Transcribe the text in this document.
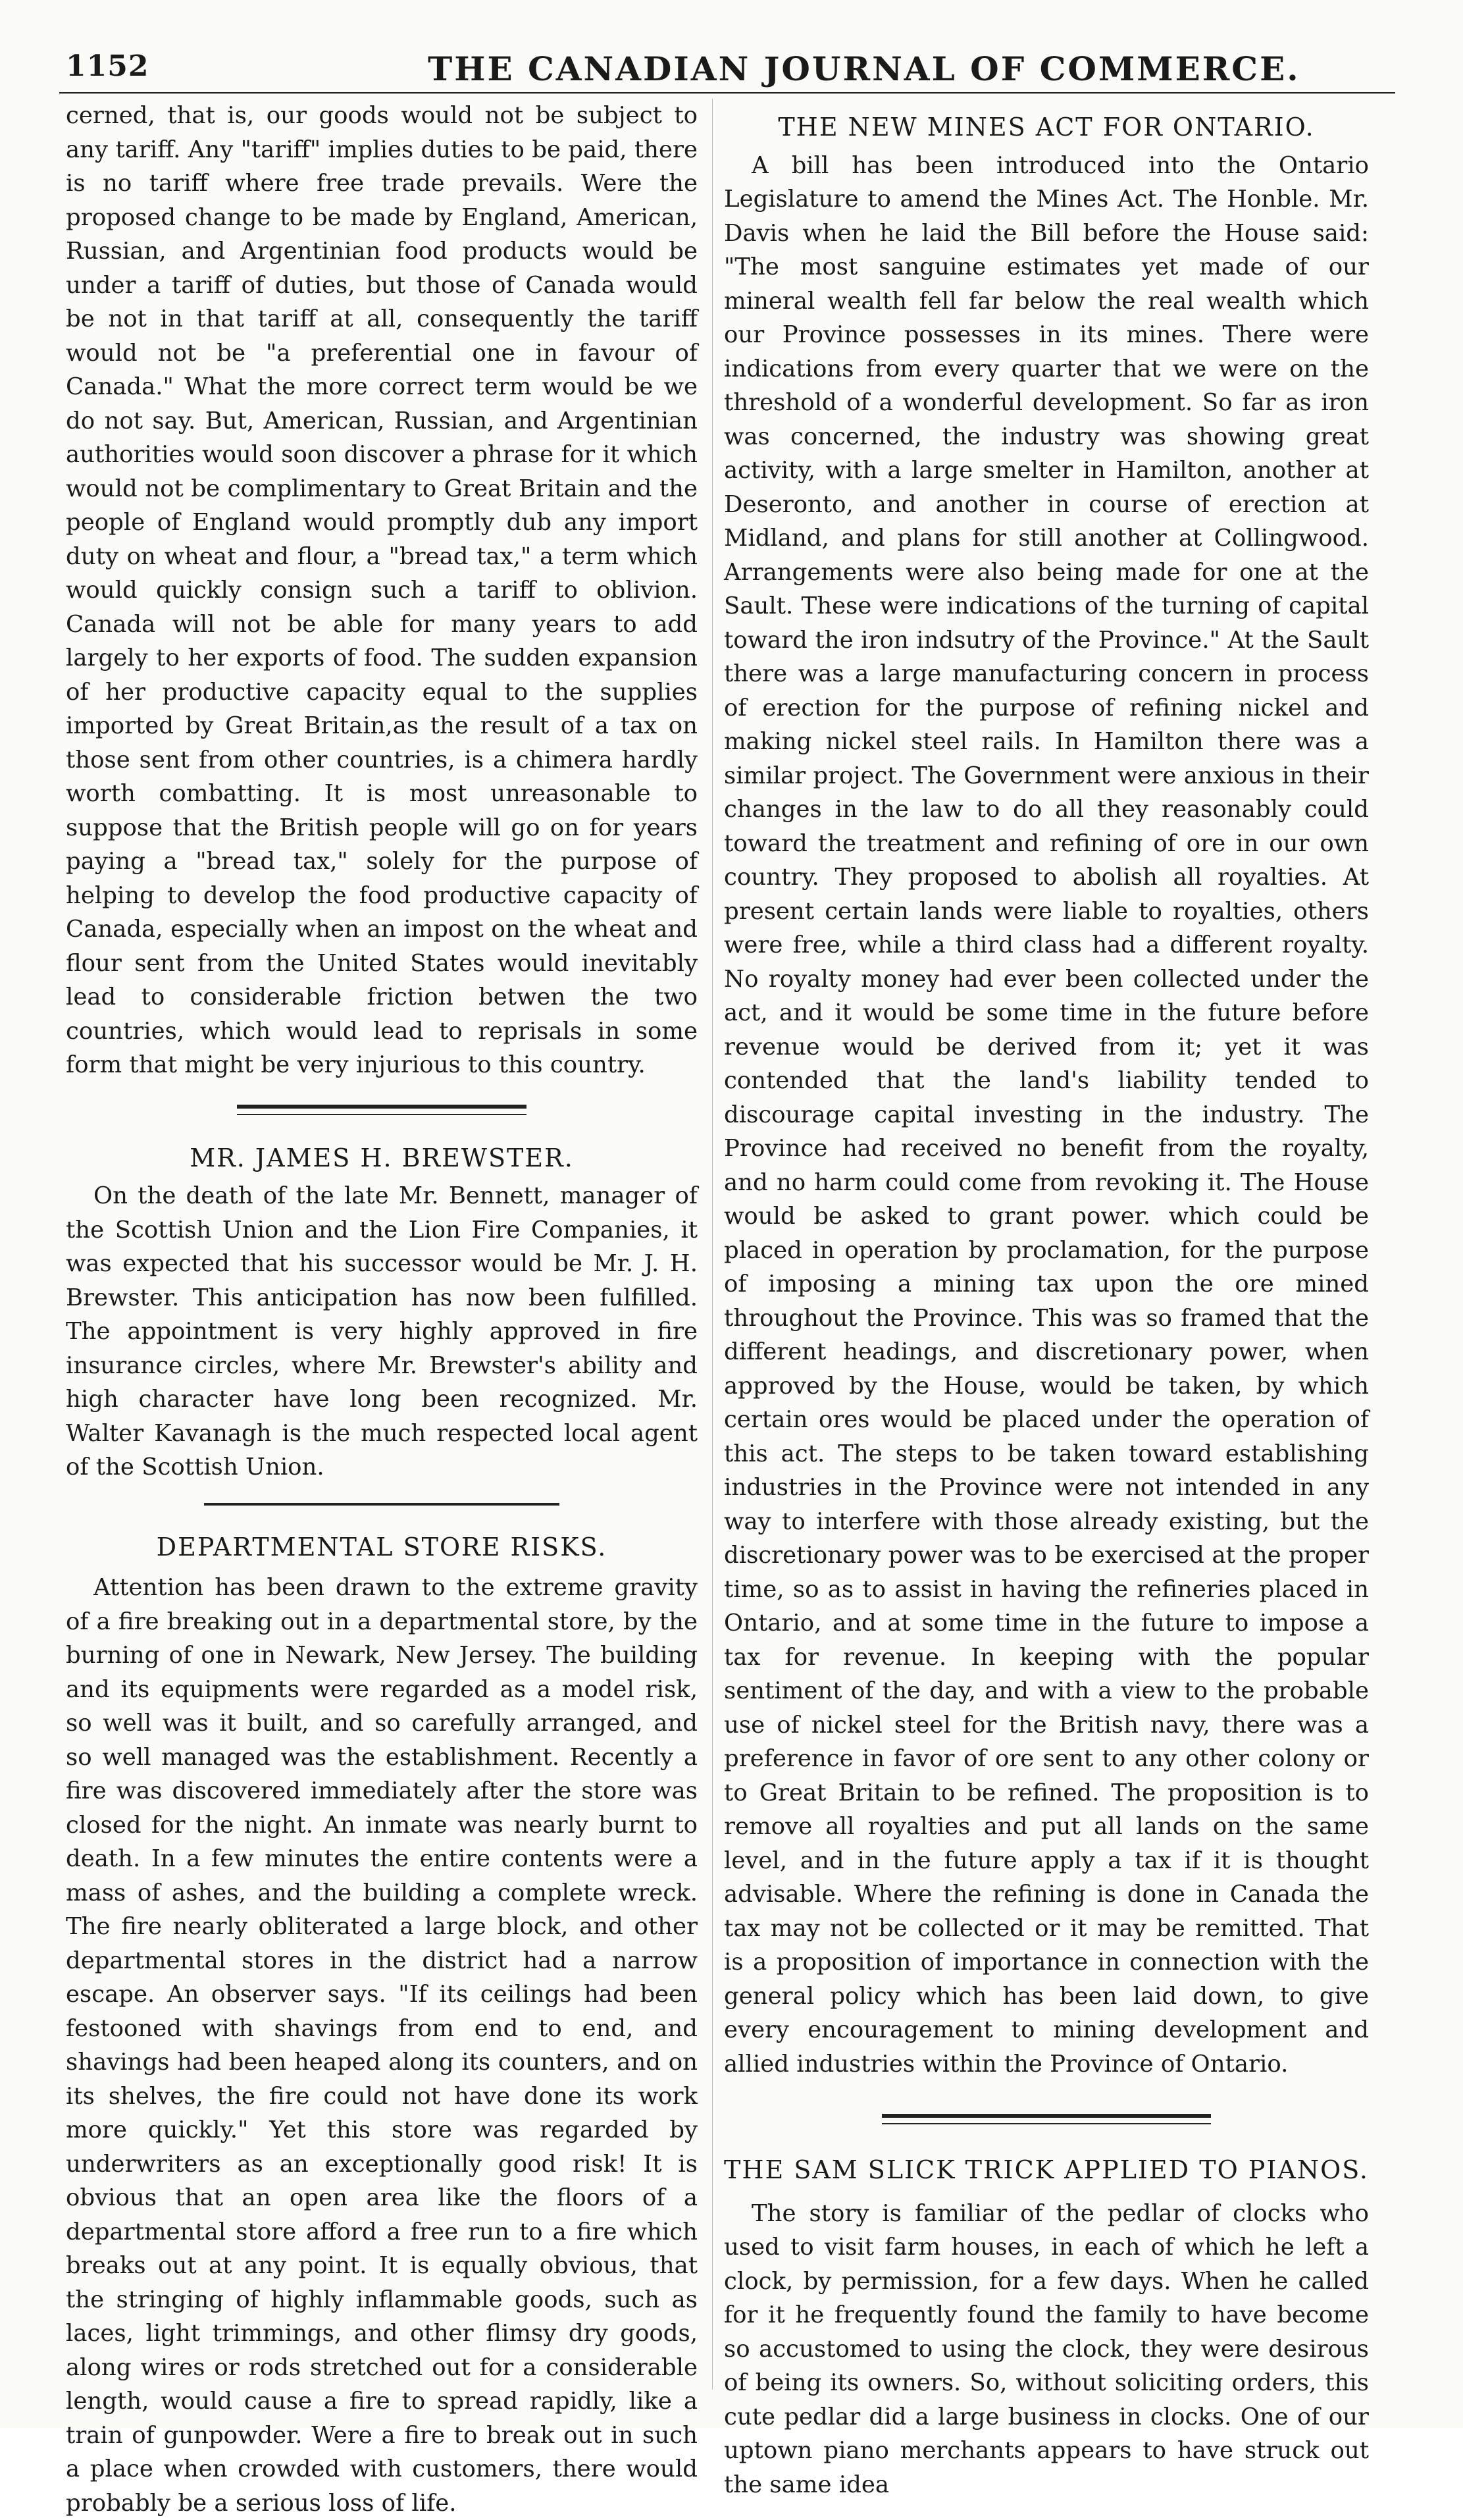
1152	THE CANADIAN JOURNAL OF COMMERCE.

cerned, that is, our goods would not be subject to any tariff. Any "tariff" implies duties to be paid, there is no tariff where free trade prevails. Were the proposed change to be made by England, American, Russian, and Argentinian food products would be under a tariff of duties, but those of Canada would be not in that tariff at all, consequently the tariff would not be "a preferential one in favour of Canada." What the more correct term would be we do not say. But, American, Russian, and Argentinian authorities would soon discover a phrase for it which would not be complimentary to Great Britain and the people of England would promptly dub any import duty on wheat and flour, a "bread tax," a term which would quickly consign such a tariff to oblivion. Canada will not be able for many years to add largely to her exports of food. The sudden expansion of her productive capacity equal to the supplies imported by Great Britain,as the result of a tax on those sent from other countries, is a chimera hardly worth combatting. It is most unreasonable to suppose that the British people will go on for years paying a "bread tax," solely for the purpose of helping to develop the food productive capacity of Canada, especially when an impost on the wheat and flour sent from the United States would inevitably lead to considerable friction betwen the two countries, which would lead to reprisals in some form that might be very injurious to this country.

MR. JAMES H. BREWSTER.

On the death of the late Mr. Bennett, manager of the Scottish Union and the Lion Fire Companies, it was expected that his successor would be Mr. J. H. Brewster. This anticipation has now been fulfilled. The appointment is very highly approved in fire insurance circles, where Mr. Brewster's ability and high character have long been recognized. Mr. Walter Kavanagh is the much respected local agent of the Scottish Union.

DEPARTMENTAL STORE RISKS.

Attention has been drawn to the extreme gravity of a fire breaking out in a departmental store, by the burning of one in Newark, New Jersey. The building and its equipments were regarded as a model risk, so well was it built, and so carefully arranged, and so well managed was the establishment. Recently a fire was discovered immediately after the store was closed for the night. An inmate was nearly burnt to death. In a few minutes the entire contents were a mass of ashes, and the building a complete wreck. The fire nearly obliterated a large block, and other departmental stores in the district had a narrow escape. An observer says. "If its ceilings had been festooned with shavings from end to end, and shavings had been heaped along its counters, and on its shelves, the fire could not have done its work more quickly." Yet this store was regarded by underwriters as an exceptionally good risk! It is obvious that an open area like the floors of a departmental store afford a free run to a fire which breaks out at any point. It is equally obvious, that the stringing of highly inflammable goods, such as laces, light trimmings, and other flimsy dry goods, along wires or rods stretched out for a considerable length, would cause a fire to spread rapidly, like a train of gunpowder. Were a fire to break out in such a place when crowded with customers, there would probably be a serious loss of life.

THE NEW MINES ACT FOR ONTARIO.

A bill has been introduced into the Ontario Legislature to amend the Mines Act. The Honble. Mr. Davis when he laid the Bill before the House said: "The most sanguine estimates yet made of our mineral wealth fell far below the real wealth which our Province possesses in its mines. There were indications from every quarter that we were on the threshold of a wonderful development. So far as iron was concerned, the industry was showing great activity, with a large smelter in Hamilton, another at Deseronto, and another in course of erection at Midland, and plans for still another at Collingwood. Arrangements were also being made for one at the Sault. These were indications of the turning of capital toward the iron indsutry of the Province." At the Sault there was a large manufacturing concern in process of erection for the purpose of refining nickel and making nickel steel rails. In Hamilton there was a similar project. The Government were anxious in their changes in the law to do all they reasonably could toward the treatment and refining of ore in our own country. They proposed to abolish all royalties. At present certain lands were liable to royalties, others were free, while a third class had a different royalty. No royalty money had ever been collected under the act, and it would be some time in the future before revenue would be derived from it; yet it was contended that the land's liability tended to discourage capital investing in the industry. The Province had received no benefit from the royalty, and no harm could come from revoking it. The House would be asked to grant power. which could be placed in operation by proclamation, for the purpose of imposing a mining tax upon the ore mined throughout the Province. This was so framed that the different headings, and discretionary power, when approved by the House, would be taken, by which certain ores would be placed under the operation of this act. The steps to be taken toward establishing industries in the Province were not intended in any way to interfere with those already existing, but the discretionary power was to be exercised at the proper time, so as to assist in having the refineries placed in Ontario, and at some time in the future to impose a tax for revenue. In keeping with the popular sentiment of the day, and with a view to the probable use of nickel steel for the British navy, there was a preference in favor of ore sent to any other colony or to Great Britain to be refined. The proposition is to remove all royalties and put all lands on the same level, and in the future apply a tax if it is thought advisable. Where the refining is done in Canada the tax may not be collected or it may be remitted. That is a proposition of importance in connection with the general policy which has been laid down, to give every encouragement to mining development and allied industries within the Province of Ontario.

THE SAM SLICK TRICK APPLIED TO PIANOS.

The story is familiar of the pedlar of clocks who used to visit farm houses, in each of which he left a clock, by permission, for a few days. When he called for it he frequently found the family to have become so accustomed to using the clock, they were desirous of being its owners. So, without soliciting orders, this cute pedlar did a large business in clocks. One of our uptown piano merchants appears to have struck out the same idea
